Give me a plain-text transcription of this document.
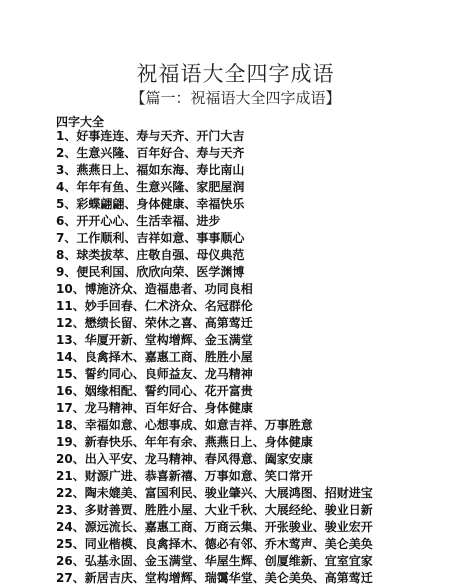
祝福语大全四字成语
【篇一：祝福语大全四字成语】
四字大全
1、好事连连、寿与天齐、开门大吉
2、生意兴隆、百年好合、寿与天齐
3、燕燕日上、福如东海、寿比南山
4、年年有鱼、生意兴隆、家肥屋润
5、彩蝶翩翩、身体健康、幸福快乐
6、开开心心、生活幸福、进步
7、工作顺利、吉祥如意、事事顺心
8、球类拔萃、庄敬自强、母仪典范
9、便民利国、欣欣向荣、医学渊博
10、博施济众、造福患者、功同良相
11、妙手回春、仁术济众、名冠群伦
12、懋绩长留、荣休之喜、高第莺迁
13、华厦开新、堂构增辉、金玉满堂
14、良禽择木、嘉惠工商、胜胜小屋
15、誓约同心、良师益友、龙马精神
16、姻缘相配、誓约同心、花开富贵
17、龙马精神、百年好合、身体健康
18、幸福如意、心想事成、如意吉祥、万事胜意
19、新春快乐、年年有余、燕燕日上、身体健康
20、出入平安、龙马精神、春风得意、阖家安康
21、财源广进、恭喜新禧、万事如意、笑口常开
22、陶未媲美、富国利民、骏业肇兴、大展鸿图、招财进宝
23、多财善贾、胜胜小屋、大业千秋、大展经纶、骏业日新
24、源远流长、嘉惠工商、万商云集、开张骏业、骏业宏开
25、同业楷模、良禽择木、德必有邻、乔木莺声、美仑美奂
26、弘基永固、金玉满堂、华屋生辉、创厦维新、宜室宜家
27、新居吉庆、堂构增辉、瑞霭华堂、美仑美奂、高第莺迁
